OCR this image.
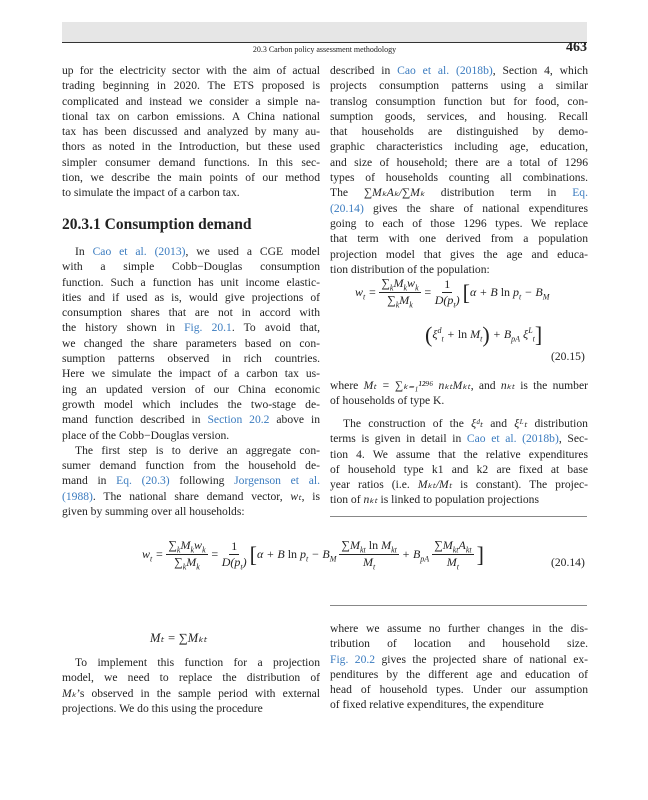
20.3 Carbon policy assessment methodology	463
up for the electricity sector with the aim of actual
trading beginning in 2020. The ETS proposed is
complicated and instead we consider a simple na-
tional tax on carbon emissions. A China national
tax has been discussed and analyzed by many au-
thors as noted in the Introduction, but these used
simpler consumer demand functions. In this sec-
tion, we describe the main points of our method
to simulate the impact of a carbon tax.
20.3.1 Consumption demand
In Cao et al. (2013), we used a CGE model
with a simple Cobb−Douglas consumption
function. Such a function has unit income elastic-
ities and if used as is, would give projections of
consumption shares that are not in accord with
the history shown in Fig. 20.1. To avoid that,
we changed the share parameters based on con-
sumption patterns observed in rich countries.
Here we simulate the impact of a carbon tax us-
ing an updated version of our China economic
growth model which includes the two-stage de-
mand function described in Section 20.2 above in
place of the Cobb−Douglas version.
The first step is to derive an aggregate con-
sumer demand function from the household de-
mand in Eq. (20.3) following Jorgenson et al.
(1988). The national share demand vector, wₜ, is
given by summing over all households:
described in Cao et al. (2018b), Section 4, which
projects consumption patterns using a similar
translog consumption function but for food, con-
sumption goods, services, and housing. Recall
that households are distinguished by demo-
graphic characteristics including age, education,
and size of household; there are a total of 1296
types of households counting all combinations.
The ∑MₖAₖ/∑Mₖ distribution term in Eq.
(20.14) gives the share of national expenditures
going to each of those 1296 types. We replace
that term with one derived from a population
projection model that gives the age and educa-
tion distribution of the population:
$w_t = \frac{\sum_kM_kw_k}{\sum_kM_k} = \frac{1}{D(p_t)}$ [ α + B $\ln p_t - B_M$
( $\xi^d_t + \ln M_t$ ) + $B_{pA}$ $\xi^L_t$ ]
(20.15)
where Mₜ = ∑ₖ₌₁¹²⁹⁶ nₖₜMₖₜ, and nₖₜ is the number
of households of type K.
The construction of the ξᵈₜ and ξᴸₜ distribution
terms is given in detail in Cao et al. (2018b), Sec-
tion 4. We assume that the relative expenditures
of household type k1 and k2 are fixed at base
year ratios (i.e. Mₖₜ/Mₜ is constant). The projec-
tion of nₖₜ is linked to population projections
$w_t = \frac{\sum_kM_kw_k}{\sum_kM_k} = \frac{1}{D(p_t)}$ [ α + B $\ln p_t - B_M \frac{\sum M_{kt} \ln M_{kt}}{M_t} + B_{pA} \frac{\sum M_{kt}A_{kt}}{M_t}$ ]	(20.14)
Mₜ = ∑Mₖₜ
To implement this function for a projection
model, we need to replace the distribution of
Mₖ’s observed in the sample period with external
projections. We do this using the procedure
where we assume no further changes in the dis-
tribution of location and household size.
Fig. 20.2 gives the projected share of national ex-
penditures by the different age and education of
head of household types. Under our assumption
of fixed relative expenditures, the expenditure
